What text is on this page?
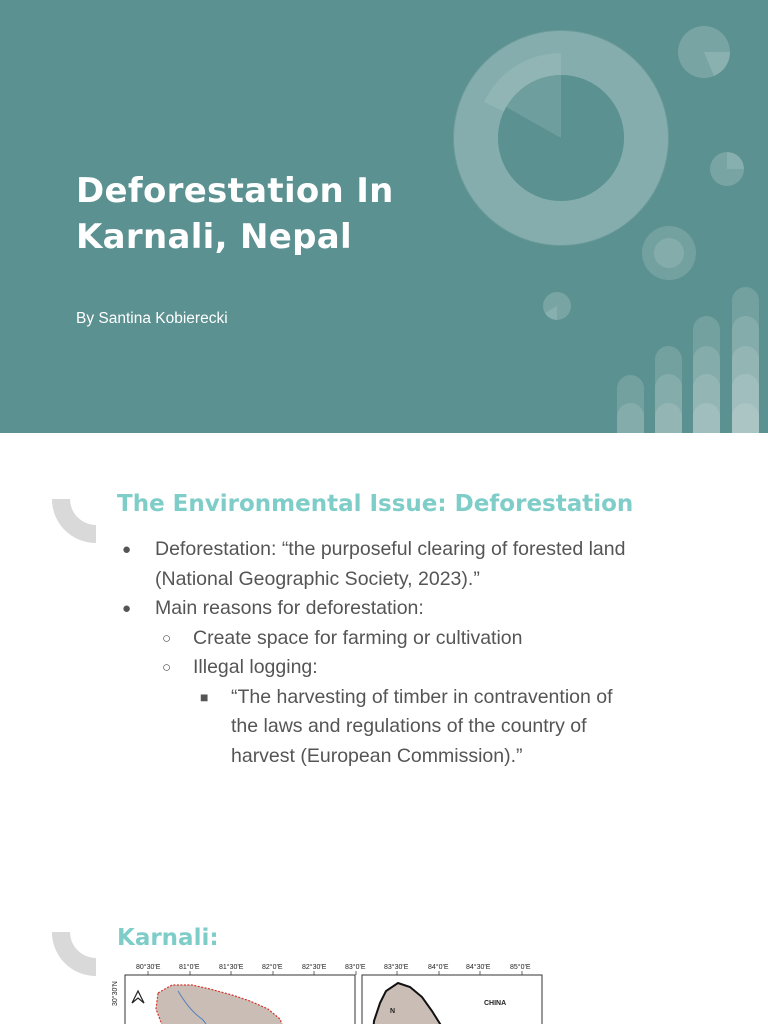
Deforestation In
Karnali, Nepal
By Santina Kobierecki
The Environmental Issue: Deforestation
● Deforestation: “the purposeful clearing of forested land
(National Geographic Society, 2023).”
● Main reasons for deforestation:
○ Create space for farming or cultivation
○ Illegal logging:
■ “The harvesting of timber in contravention of
the laws and regulations of the country of
harvest (European Commission).”
Karnali:
80°30'E	81°0'E	81°30'E	82°0'E	82°30'E	83°0'E	83°30'E	84°0'E	84°30'E	85°0'E
30°30'N
N
CHINA
